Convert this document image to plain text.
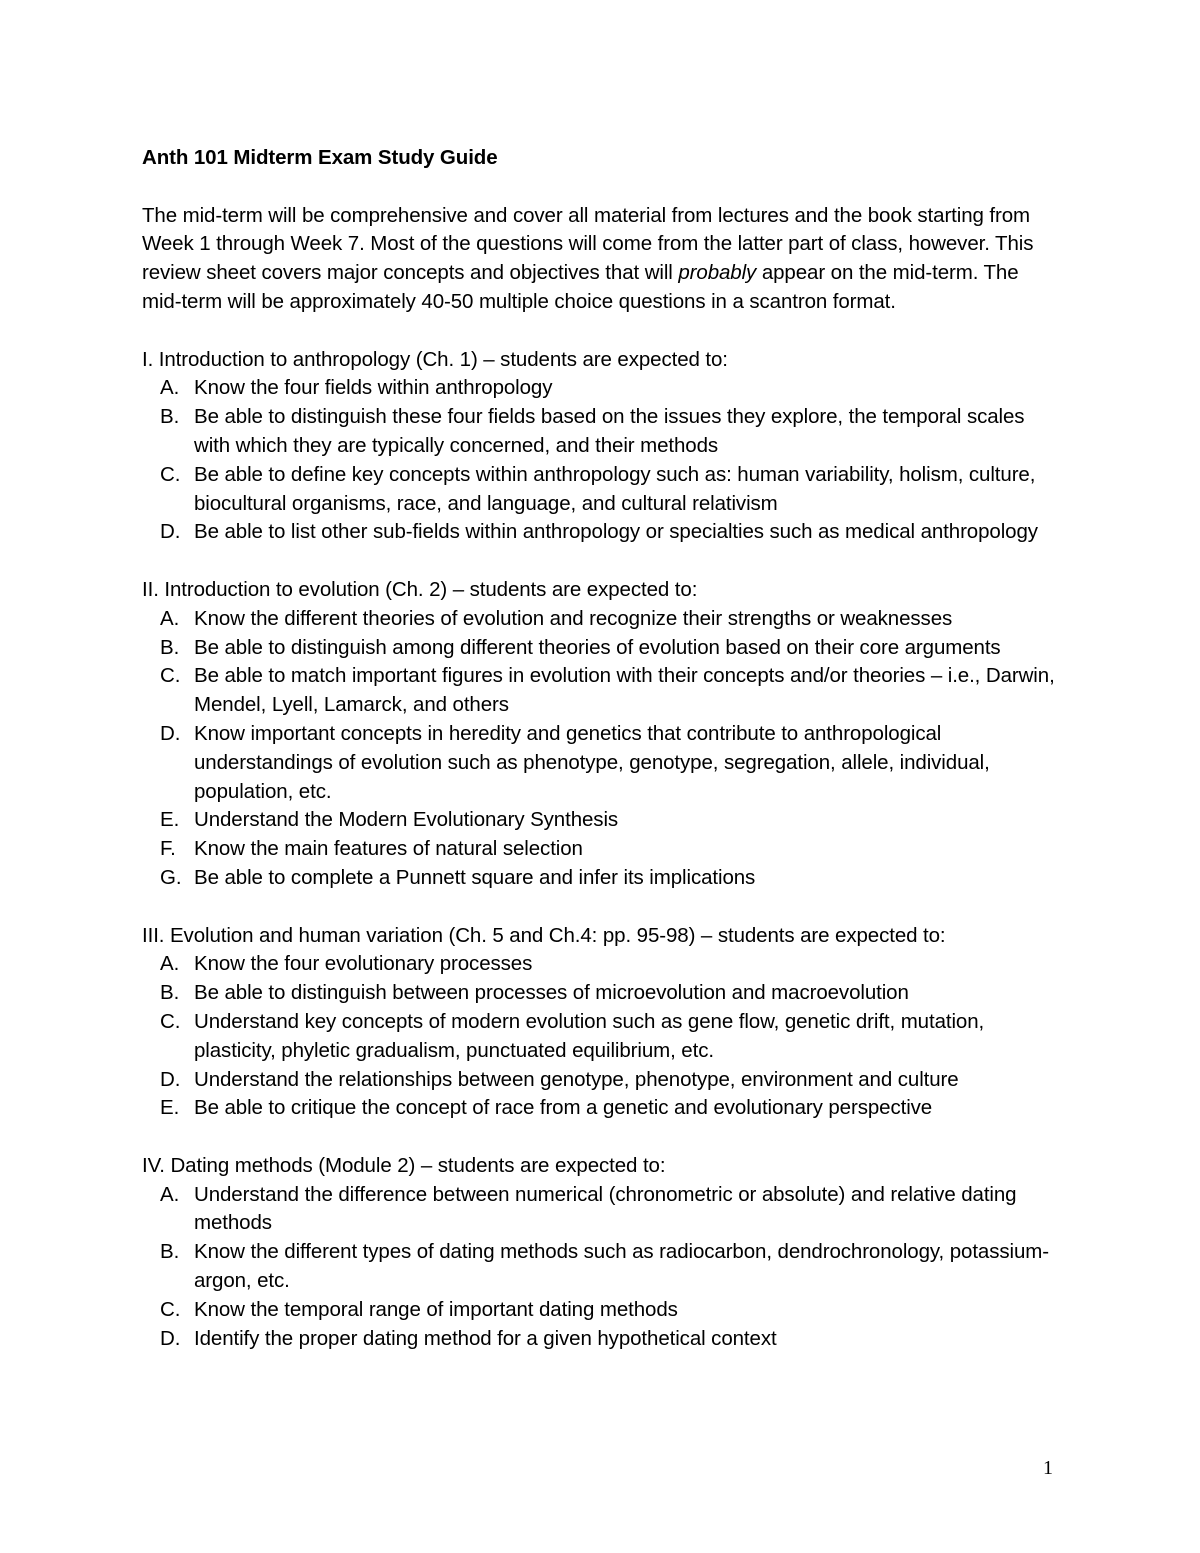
Anth 101 Midterm Exam Study Guide
The mid-term will be comprehensive and cover all material from lectures and the book starting from Week 1 through Week 7. Most of the questions will come from the latter part of class, however. This review sheet covers major concepts and objectives that will probably appear on the mid-term. The mid-term will be approximately 40-50 multiple choice questions in a scantron format.
I. Introduction to anthropology (Ch. 1) – students are expected to:
A. Know the four fields within anthropology
B. Be able to distinguish these four fields based on the issues they explore, the temporal scales with which they are typically concerned, and their methods
C. Be able to define key concepts within anthropology such as: human variability, holism, culture, biocultural organisms, race, and language, and cultural relativism
D. Be able to list other sub-fields within anthropology or specialties such as medical anthropology
II. Introduction to evolution (Ch. 2) – students are expected to:
A. Know the different theories of evolution and recognize their strengths or weaknesses
B. Be able to distinguish among different theories of evolution based on their core arguments
C. Be able to match important figures in evolution with their concepts and/or theories – i.e., Darwin, Mendel, Lyell, Lamarck, and others
D. Know important concepts in heredity and genetics that contribute to anthropological understandings of evolution such as phenotype, genotype, segregation, allele, individual, population, etc.
E. Understand the Modern Evolutionary Synthesis
F. Know the main features of natural selection
G. Be able to complete a Punnett square and infer its implications
III. Evolution and human variation (Ch. 5 and Ch.4: pp. 95-98) – students are expected to:
A. Know the four evolutionary processes
B. Be able to distinguish between processes of microevolution and macroevolution
C. Understand key concepts of modern evolution such as gene flow, genetic drift, mutation, plasticity, phyletic gradualism, punctuated equilibrium, etc.
D. Understand the relationships between genotype, phenotype, environment and culture
E. Be able to critique the concept of race from a genetic and evolutionary perspective
IV. Dating methods (Module 2) – students are expected to:
A. Understand the difference between numerical (chronometric or absolute) and relative dating methods
B. Know the different types of dating methods such as radiocarbon, dendrochronology, potassium-argon, etc.
C. Know the temporal range of important dating methods
D. Identify the proper dating method for a given hypothetical context
1
